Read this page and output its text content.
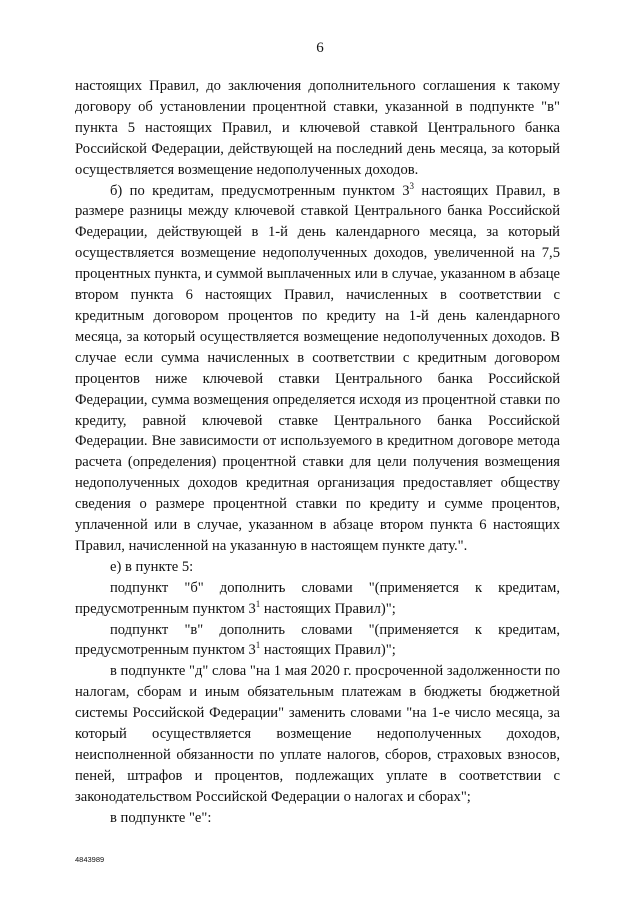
6

настоящих Правил, до заключения дополнительного соглашения к такому договору об установлении процентной ставки, указанной в подпункте "в" пункта 5 настоящих Правил, и ключевой ставкой Центрального банка Российской Федерации, действующей на последний день месяца, за который осуществляется возмещение недополученных доходов.

б) по кредитам, предусмотренным пунктом $3^3$ настоящих Правил, в размере разницы между ключевой ставкой Центрального банка Российской Федерации, действующей в 1-й день календарного месяца, за который осуществляется возмещение недополученных доходов, увеличенной на 7,5 процентных пункта, и суммой выплаченных или в случае, указанном в абзаце втором пункта 6 настоящих Правил, начисленных в соответствии с кредитным договором процентов по кредиту на 1-й день календарного месяца, за который осуществляется возмещение недополученных доходов. В случае если сумма начисленных в соответствии с кредитным договором процентов ниже ключевой ставки Центрального банка Российской Федерации, сумма возмещения определяется исходя из процентной ставки по кредиту, равной ключевой ставке Центрального банка Российской Федерации. Вне зависимости от используемого в кредитном договоре метода расчета (определения) процентной ставки для цели получения возмещения недополученных доходов кредитная организация предоставляет обществу сведения о размере процентной ставки по кредиту и сумме процентов, уплаченной или в случае, указанном в абзаце втором пункта 6 настоящих Правил, начисленной на указанную в настоящем пункте дату.".

е) в пункте 5:

подпункт "б" дополнить словами "(применяется к кредитам, предусмотренным пунктом $3^1$ настоящих Правил)";

подпункт "в" дополнить словами "(применяется к кредитам, предусмотренным пунктом $3^1$ настоящих Правил)";

в подпункте "д" слова "на 1 мая 2020 г. просроченной задолженности по налогам, сборам и иным обязательным платежам в бюджеты бюджетной системы Российской Федерации" заменить словами "на 1-е число месяца, за который осуществляется возмещение недополученных доходов, неисполненной обязанности по уплате налогов, сборов, страховых взносов, пеней, штрафов и процентов, подлежащих уплате в соответствии с законодательством Российской Федерации о налогах и сборах";

в подпункте "е":

4843989
